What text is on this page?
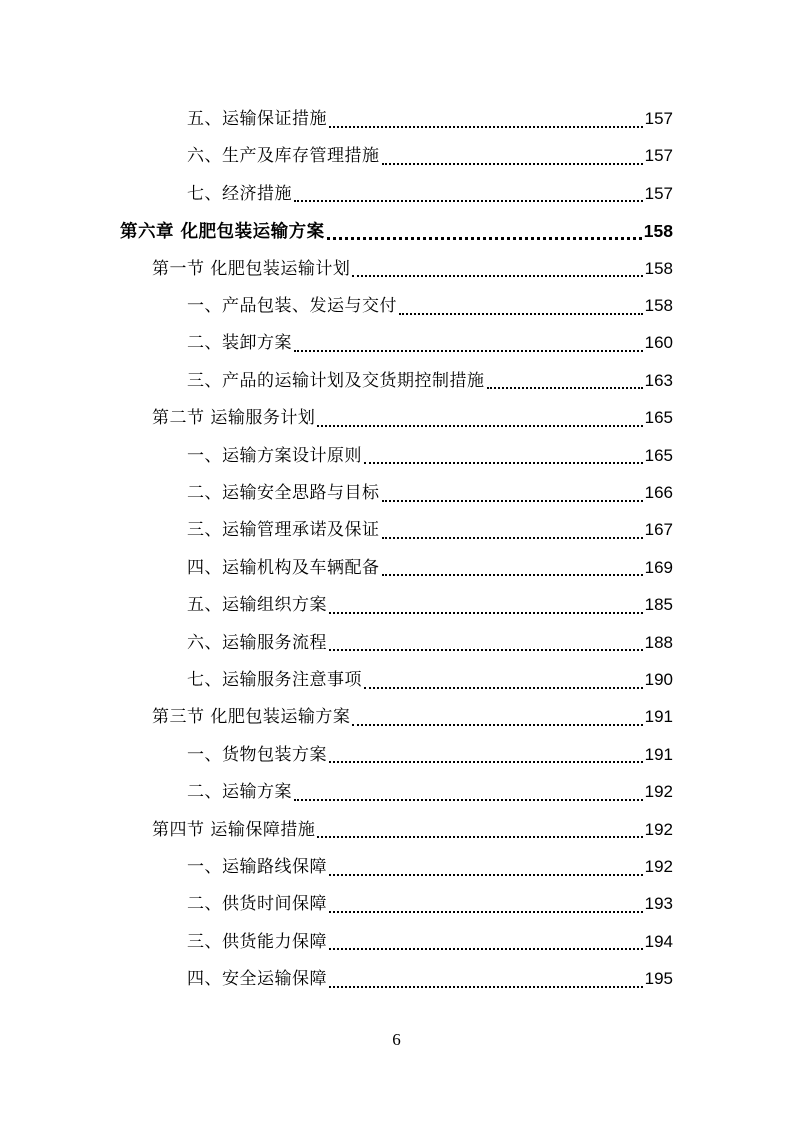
五、运输保证措施	157
六、生产及库存管理措施	157
七、经济措施	157
第六章 化肥包装运输方案	158
第一节 化肥包装运输计划	158
一、产品包装、发运与交付	158
二、装卸方案	160
三、产品的运输计划及交货期控制措施	163
第二节 运输服务计划	165
一、运输方案设计原则	165
二、运输安全思路与目标	166
三、运输管理承诺及保证	167
四、运输机构及车辆配备	169
五、运输组织方案	185
六、运输服务流程	188
七、运输服务注意事项	190
第三节 化肥包装运输方案	191
一、货物包装方案	191
二、运输方案	192
第四节 运输保障措施	192
一、运输路线保障	192
二、供货时间保障	193
三、供货能力保障	194
四、安全运输保障	195
6
